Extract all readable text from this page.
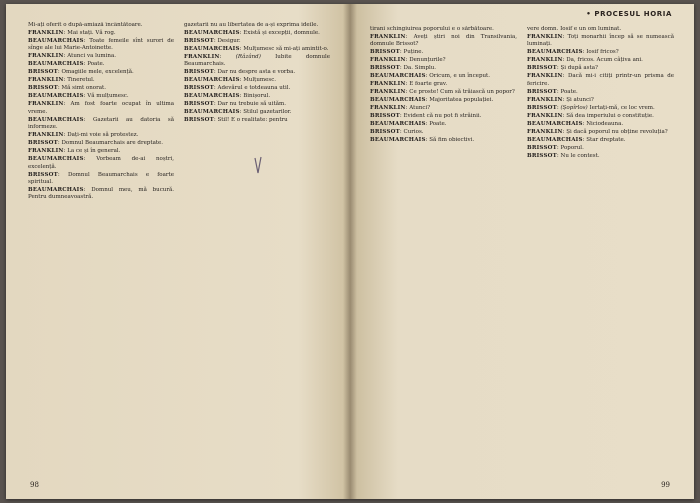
Mi-ați oferit o după-amiază încântătoare.

FRANKLIN: Mai stați. Vă rog.

BEAUMARCHAIS: Toate femeile sînt surori de sînge ale lui Marie-Antoinette.

FRANKLIN: Atunci va lumina.

BEAUMARCHAIS: Poate.

BRISSOT: Omagiile mele, excelență.

FRANKLIN: Tineretul.

BRISSOT: Mă simt onorat.

BEAUMARCHAIS: Vă mulțumesc.

FRANKLIN: Am fost foarte ocupat în ultima vreme.

BEAUMARCHAIS: Gazetarii au datoria să informeze.

FRANKLIN: Dați-mi voie să protestez.

BRISSOT: Domnul Beaumarchais are dreptate.

FRANKLIN: La ce și în general.

BEAUMARCHAIS: Vorbeam de-ai noștri, excelență.

BRISSOT: Domnul Beaumarchais e foarte spiritual.

BEAUMARCHAIS: Domnul meu, mă bucură. Pentru dumneavoastră.

gazetarii nu au libertatea de a-și exprima ideile.

BEAUMARCHAIS: Există și excepții, domnule.

BRISSOT: Desigur.

BEAUMARCHAIS: Mulțumesc să mi-ați amintit-o.

FRANKLIN: (Râzând)	Iubite domnule Beaumarchais.

BRISSOT: Dar nu despre asta e vorba.

BEAUMARCHAIS: Mulțumesc.

BRISSOT: Adevărul e totdeauna util.

BEAUMARCHAIS: Binișorul.

BRISSOT: Dar nu trebuie să uităm.

BEAUMARCHAIS: Stilul gazetarilor.

BRISSOT: Stil! E o realitate: pentru

98
• PROCESUL HORIA

tirani schingiuirea poporului e o sărbătoare.

FRANKLIN: Aveți știri noi din Transilvania, domnule Brissot?

BRISSOT: Puține.

FRANKLIN: Denunțurile?

BRISSOT: Da. Simplu.

BEAUMARCHAIS: Oricum, e un început.

FRANKLIN: E foarte grav.

FRANKLIN: Ce proste! Cum să trăiască un popor?

BEAUMARCHAIS: Majoritatea populației.

FRANKLIN: Atunci?

BRISSOT: Evident că nu pot fi străinii.

BEAUMARCHAIS: Poate.

BRISSOT: Curios.

BEAUMARCHAIS: Să fim obiectivi.

vere domn. Iosif e un om luminat.

FRANKLIN: Toți monarhii încep să se numească luminați.

BEAUMARCHAIS: Iosif fricos?

FRANKLIN: Da, fricos. Acum câțiva ani.

BRISSOT: Și după asta?

FRANKLIN: Dacă mi-i citiți printr-un prisma de fericire.

BRISSOT: Poate.

FRANKLIN: Și atunci?

BRISSOT: (Șopîrlos) Iertați-mă, ce loc vrem.

FRANKLIN: Să dea imperiului o constituție.

BEAUMARCHAIS: Niciodeauna.

FRANKLIN: Și dacă poporul nu obține revoluția?

BEAUMARCHAIS: Star dreptate.

BRISSOT: Poporul.

BRISSOT: Nu le contest.

99
